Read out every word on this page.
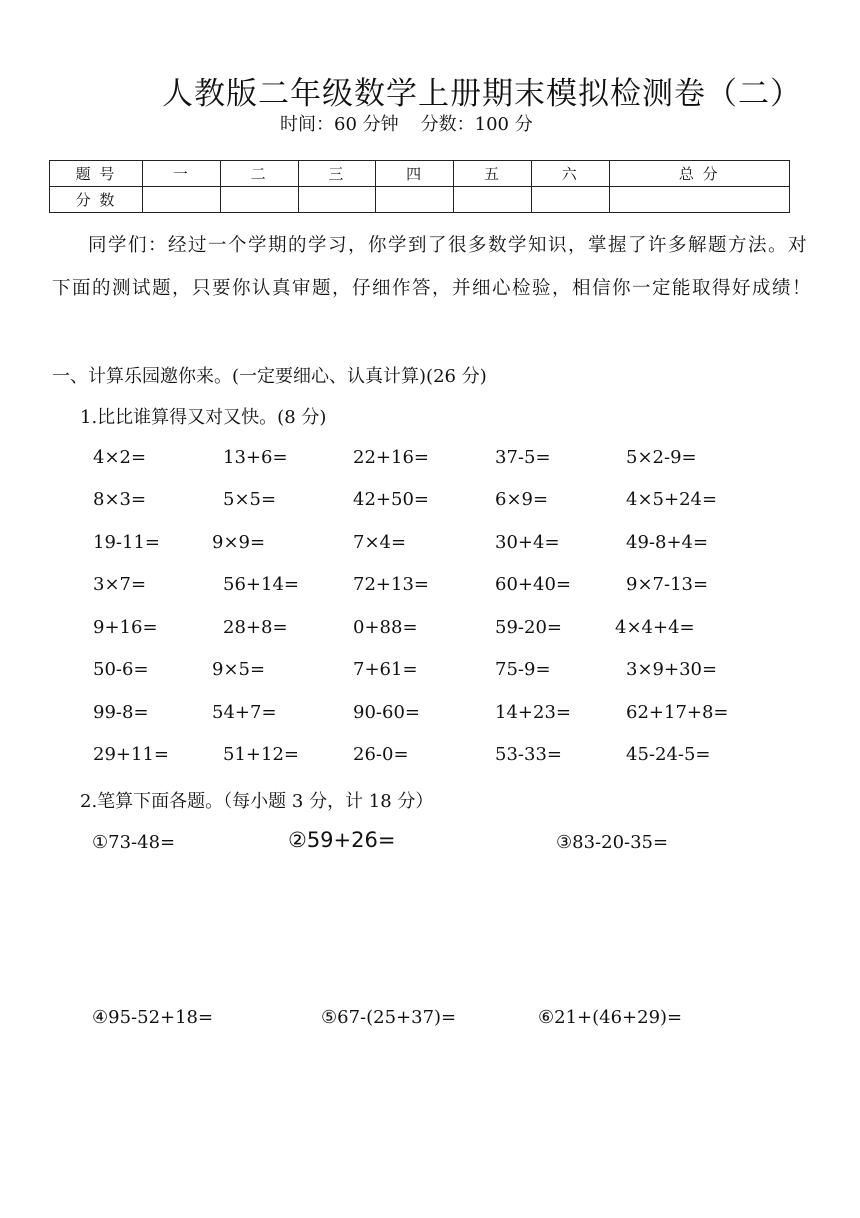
人教版二年级数学上册期末模拟检测卷（二）
时间：60 分钟 分数：100 分
题 号	一	二	三	四	五	六	总 分
分 数							
同学们：经过一个学期的学习，你学到了很多数学知识，掌握了许多解题方法。对下面的测试题，只要你认真审题，仔细作答，并细心检验，相信你一定能取得好成绩！
一、计算乐园邀你来。(一定要细心、认真计算)(26 分)
1.比比谁算得又对又快。(8 分)
4×2=	13+6=	22+16=	37-5=	5×2-9=
8×3=	5×5=	42+50=	6×9=	4×5+24=
19-11=	9×9=	7×4=	30+4=	49-8+4=
3×7=	56+14=	72+13=	60+40=	9×7-13=
9+16=	28+8=	0+88=	59-20=	4×4+4=
50-6=	9×5=	7+61=	75-9=	3×9+30=
99-8=	54+7=	90-60=	14+23=	62+17+8=
29+11=	51+12=	26-0=	53-33=	45-24-5=
2.笔算下面各题。（每小题 3 分，计 18 分）
①73-48=	②59+26=	③83-20-35=
④95-52+18=	⑤67-(25+37)=	⑥21+(46+29)=
